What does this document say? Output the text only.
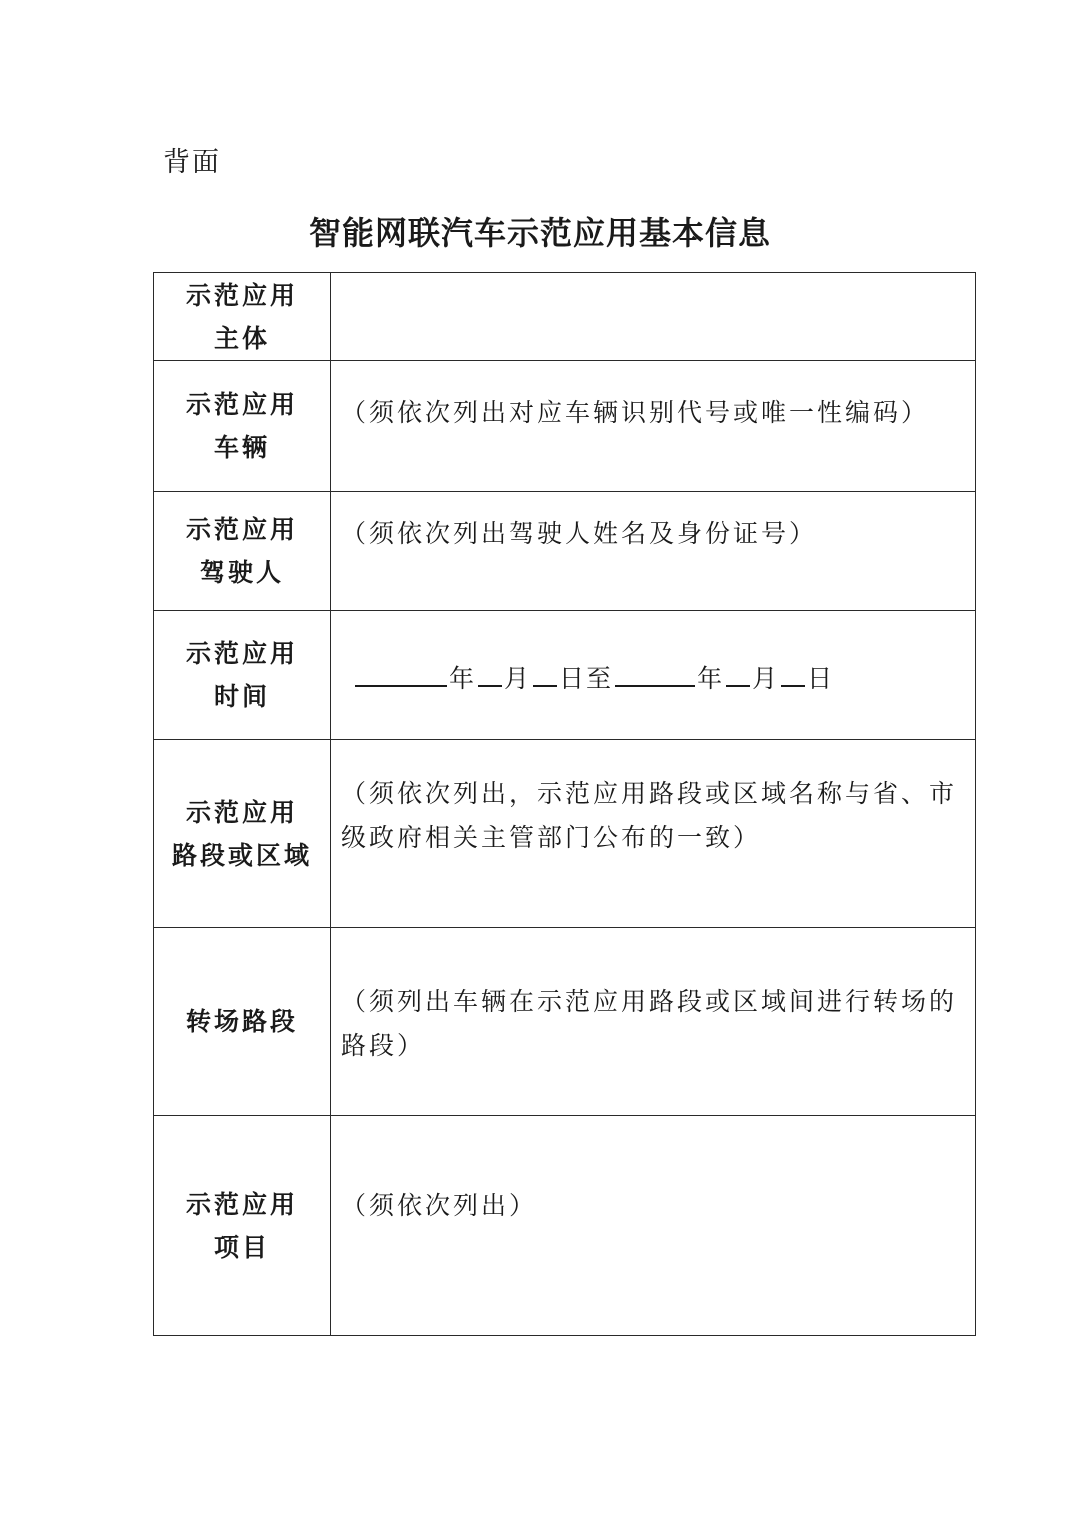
背面
智能网联汽车示范应用基本信息
示范应用
主体	

示范应用
车辆	（须依次列出对应车辆识别代号或唯一性编码）

示范应用
驾驶人	（须依次列出驾驶人姓名及身份证号）

示范应用
时间	年 月 日至 年 月 日

示范应用
路段或区域	（须依次列出，示范应用路段或区域名称与省、市级政府相关主管部门公布的一致）

转场路段	（须列出车辆在示范应用路段或区域间进行转场的路段）

示范应用
项目	（须依次列出）
